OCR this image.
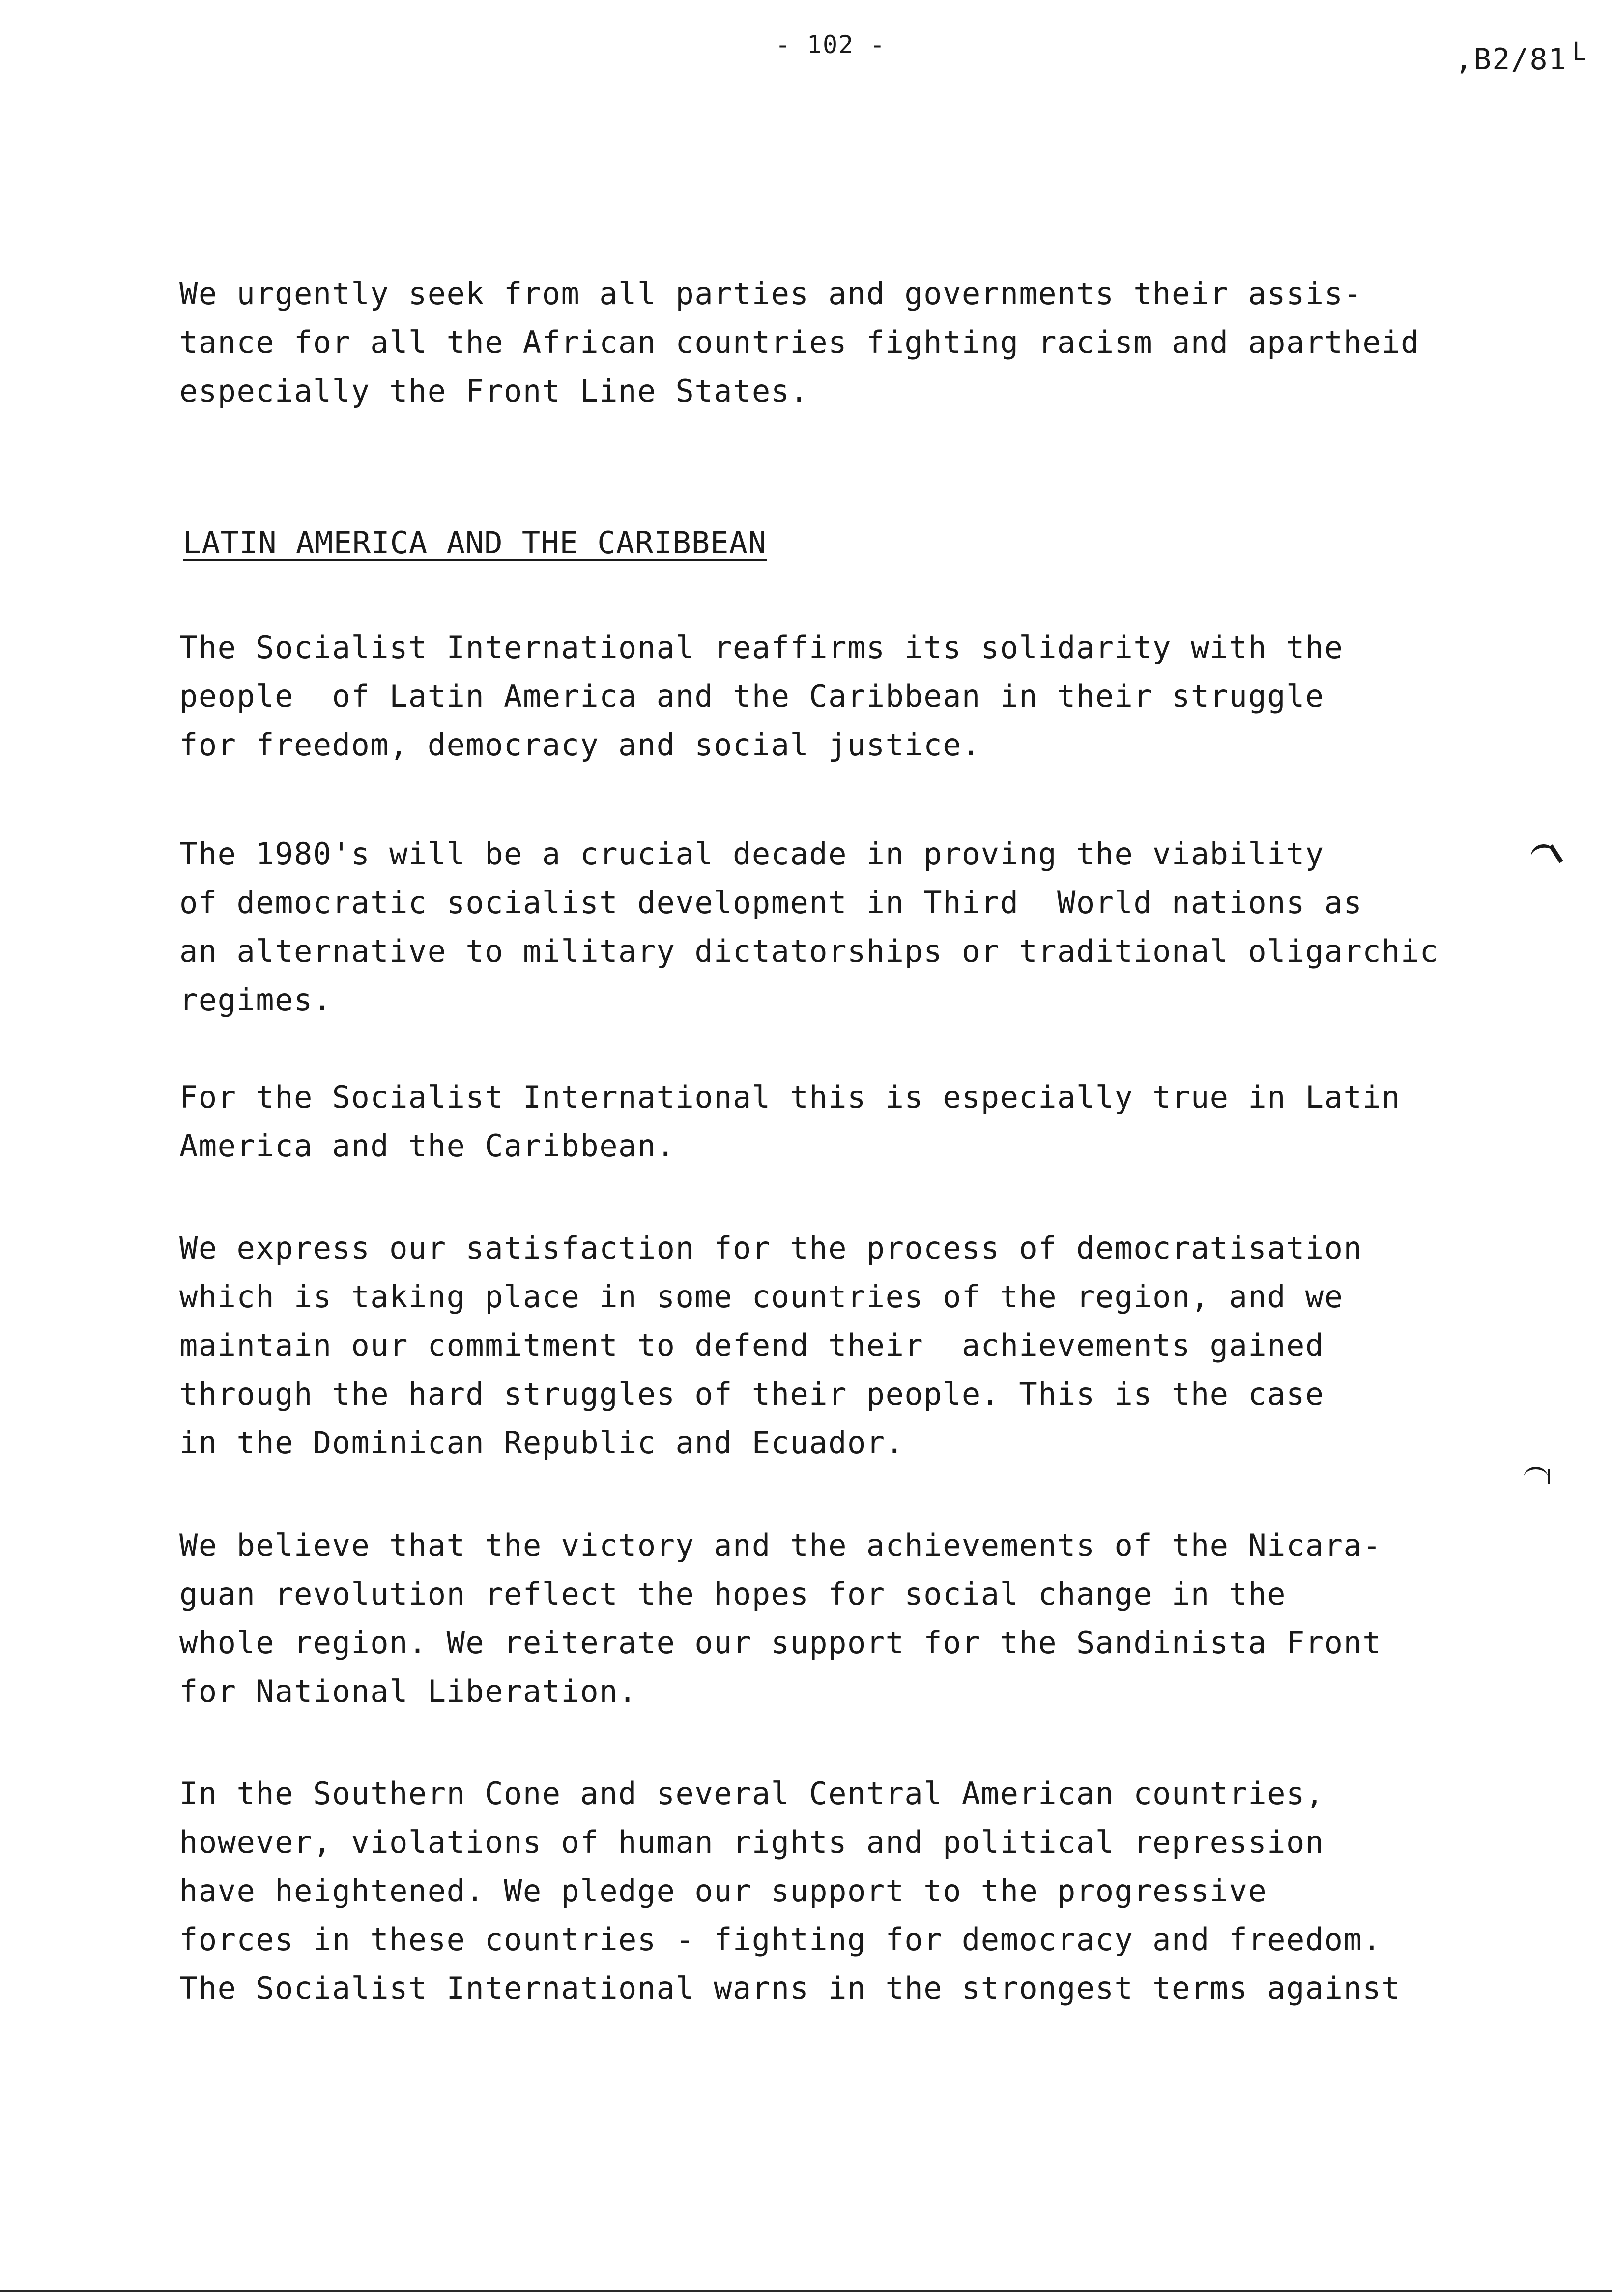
- 102 -	‚B2/81└
We urgently seek from all parties and governments their assis-
tance for all the African countries fighting racism and apartheid
especially the Front Line States.
LATIN AMERICA AND THE CARIBBEAN
The Socialist International reaffirms its solidarity with the
people  of Latin America and the Caribbean in their struggle
for freedom, democracy and social justice.
The 1980's will be a crucial decade in proving the viability
of democratic socialist development in Third  World nations as
an alternative to military dictatorships or traditional oligarchic
regimes.
For the Socialist International this is especially true in Latin
America and the Caribbean.
We express our satisfaction for the process of democratisation
which is taking place in some countries of the region, and we
maintain our commitment to defend their  achievements gained
through the hard struggles of their people. This is the case
in the Dominican Republic and Ecuador.
We believe that the victory and the achievements of the Nicara-
guan revolution reflect the hopes for social change in the
whole region. We reiterate our support for the Sandinista Front
for National Liberation.
In the Southern Cone and several Central American countries,
however, violations of human rights and political repression
have heightened. We pledge our support to the progressive
forces in these countries - fighting for democracy and freedom.
The Socialist International warns in the strongest terms against
